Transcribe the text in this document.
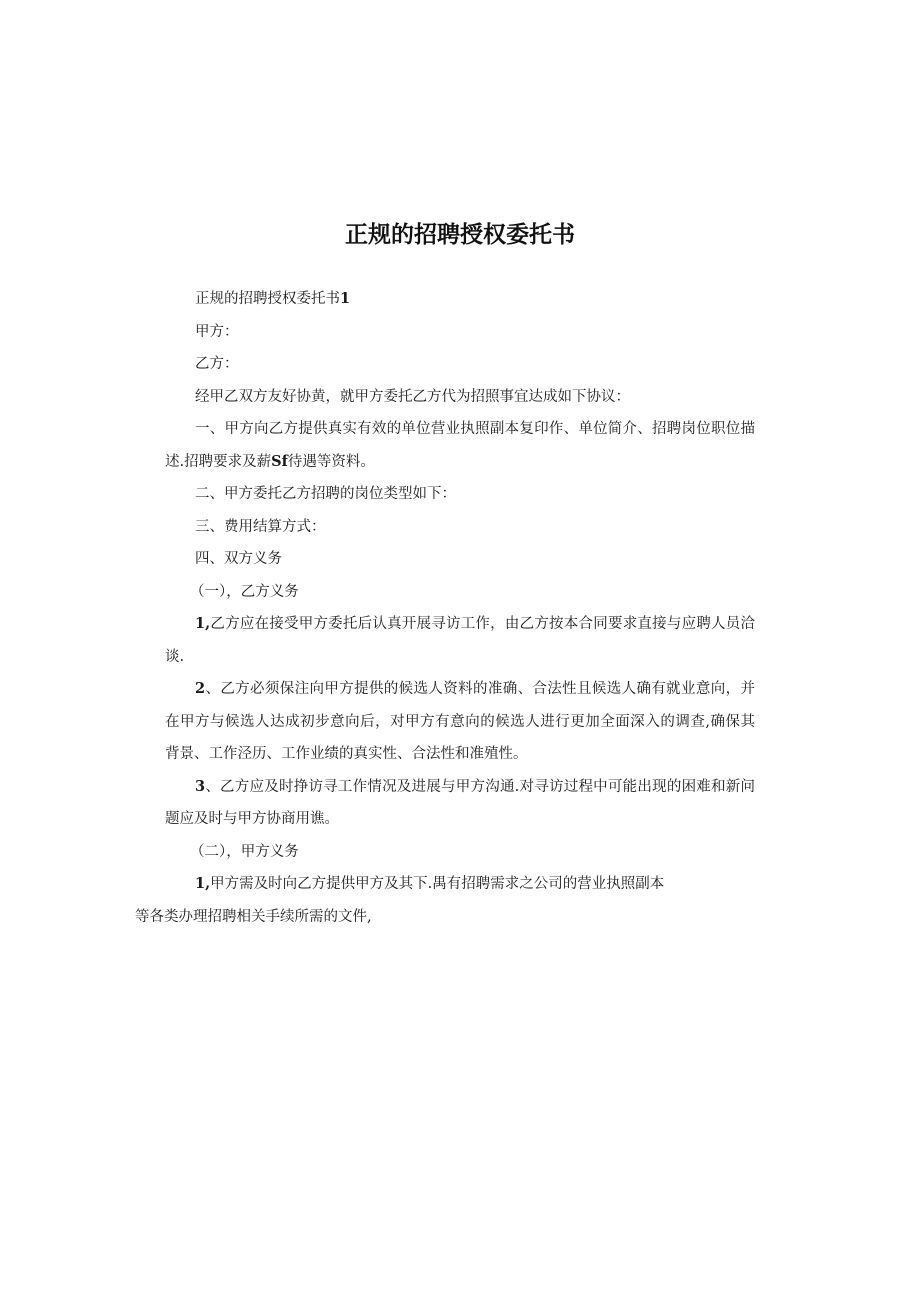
正规的招聘授权委托书

正规的招聘授权委托书1

甲方：

乙方：

经甲乙双方友好协黄，就甲方委托乙方代为招照事宜达成如下协议：

一、甲方向乙方提供真实有效的单位营业执照副本复印作、单位简介、招聘岗位职位描

述.招聘要求及薪Sf待遇等资料。

二、甲方委托乙方招聘的岗位类型如下：

三、费用结算方式：

四、双方义务

（一），乙方义务

1,乙方应在接受甲方委托后认真开展寻访工作，由乙方按本合同要求直接与应聘人员洽

谈.

2、乙方必须保注向甲方提供的候选人资料的准确、合法性且候选人确有就业意向，并

在甲方与候选人达成初步意向后，对甲方有意向的候选人进行更加全面深入的调查,确保其

背景、工作泾历、工作业绩的真实性、合法性和准殖性。

3、乙方应及时挣访寻工作情况及进展与甲方沟通.对寻访过程中可能出现的困难和新问

题应及时与甲方协商用谯。

（二），甲方义务

1,甲方需及时向乙方提供甲方及其下.禺有招聘需求之公司的营业执照副本

等各类办理招聘相关手续所需的文件,
